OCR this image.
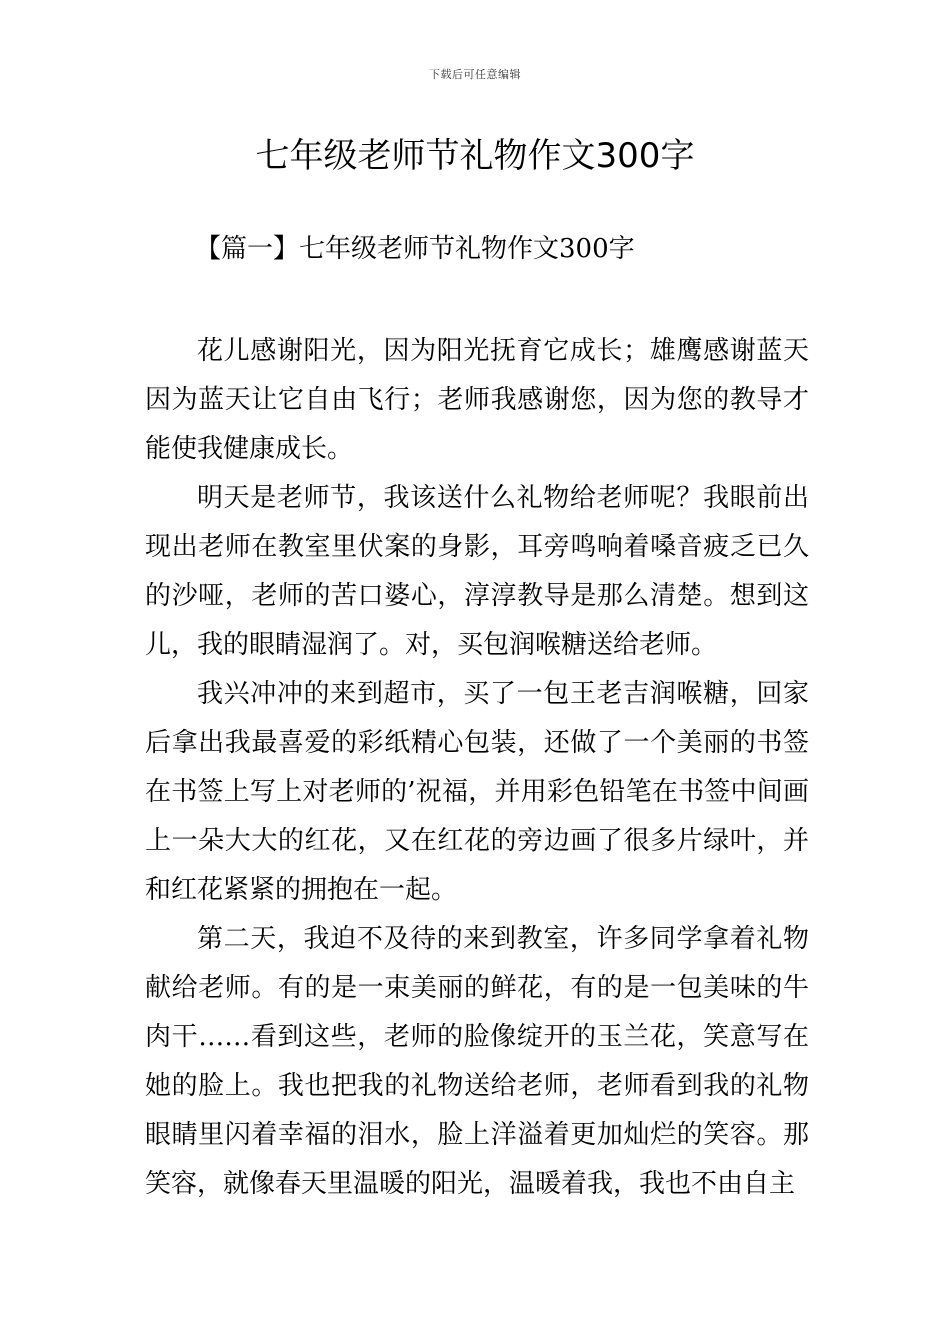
下载后可任意编辑
七年级老师节礼物作文300字
【篇一】七年级老师节礼物作文300字

花儿感谢阳光，因为阳光抚育它成长；雄鹰感谢蓝天因为蓝天让它自由飞行；老师我感谢您，因为您的教导才能使我健康成长。

明天是老师节，我该送什么礼物给老师呢？我眼前出现出老师在教室里伏案的身影，耳旁鸣响着嗓音疲乏已久的沙哑，老师的苦口婆心，淳淳教导是那么清楚。想到这儿，我的眼睛湿润了。对，买包润喉糖送给老师。

我兴冲冲的来到超市，买了一包王老吉润喉糖，回家后拿出我最喜爱的彩纸精心包装，还做了一个美丽的书签在书签上写上对老师的’祝福，并用彩色铅笔在书签中间画上一朵大大的红花，又在红花的旁边画了很多片绿叶，并和红花紧紧的拥抱在一起。

第二天，我迫不及待的来到教室，许多同学拿着礼物献给老师。有的是一束美丽的鲜花，有的是一包美味的牛肉干……看到这些，老师的脸像绽开的玉兰花，笑意写在她的脸上。我也把我的礼物送给老师，老师看到我的礼物眼睛里闪着幸福的泪水，脸上洋溢着更加灿烂的笑容。那笑容，就像春天里温暖的阳光，温暖着我，我也不由自主
